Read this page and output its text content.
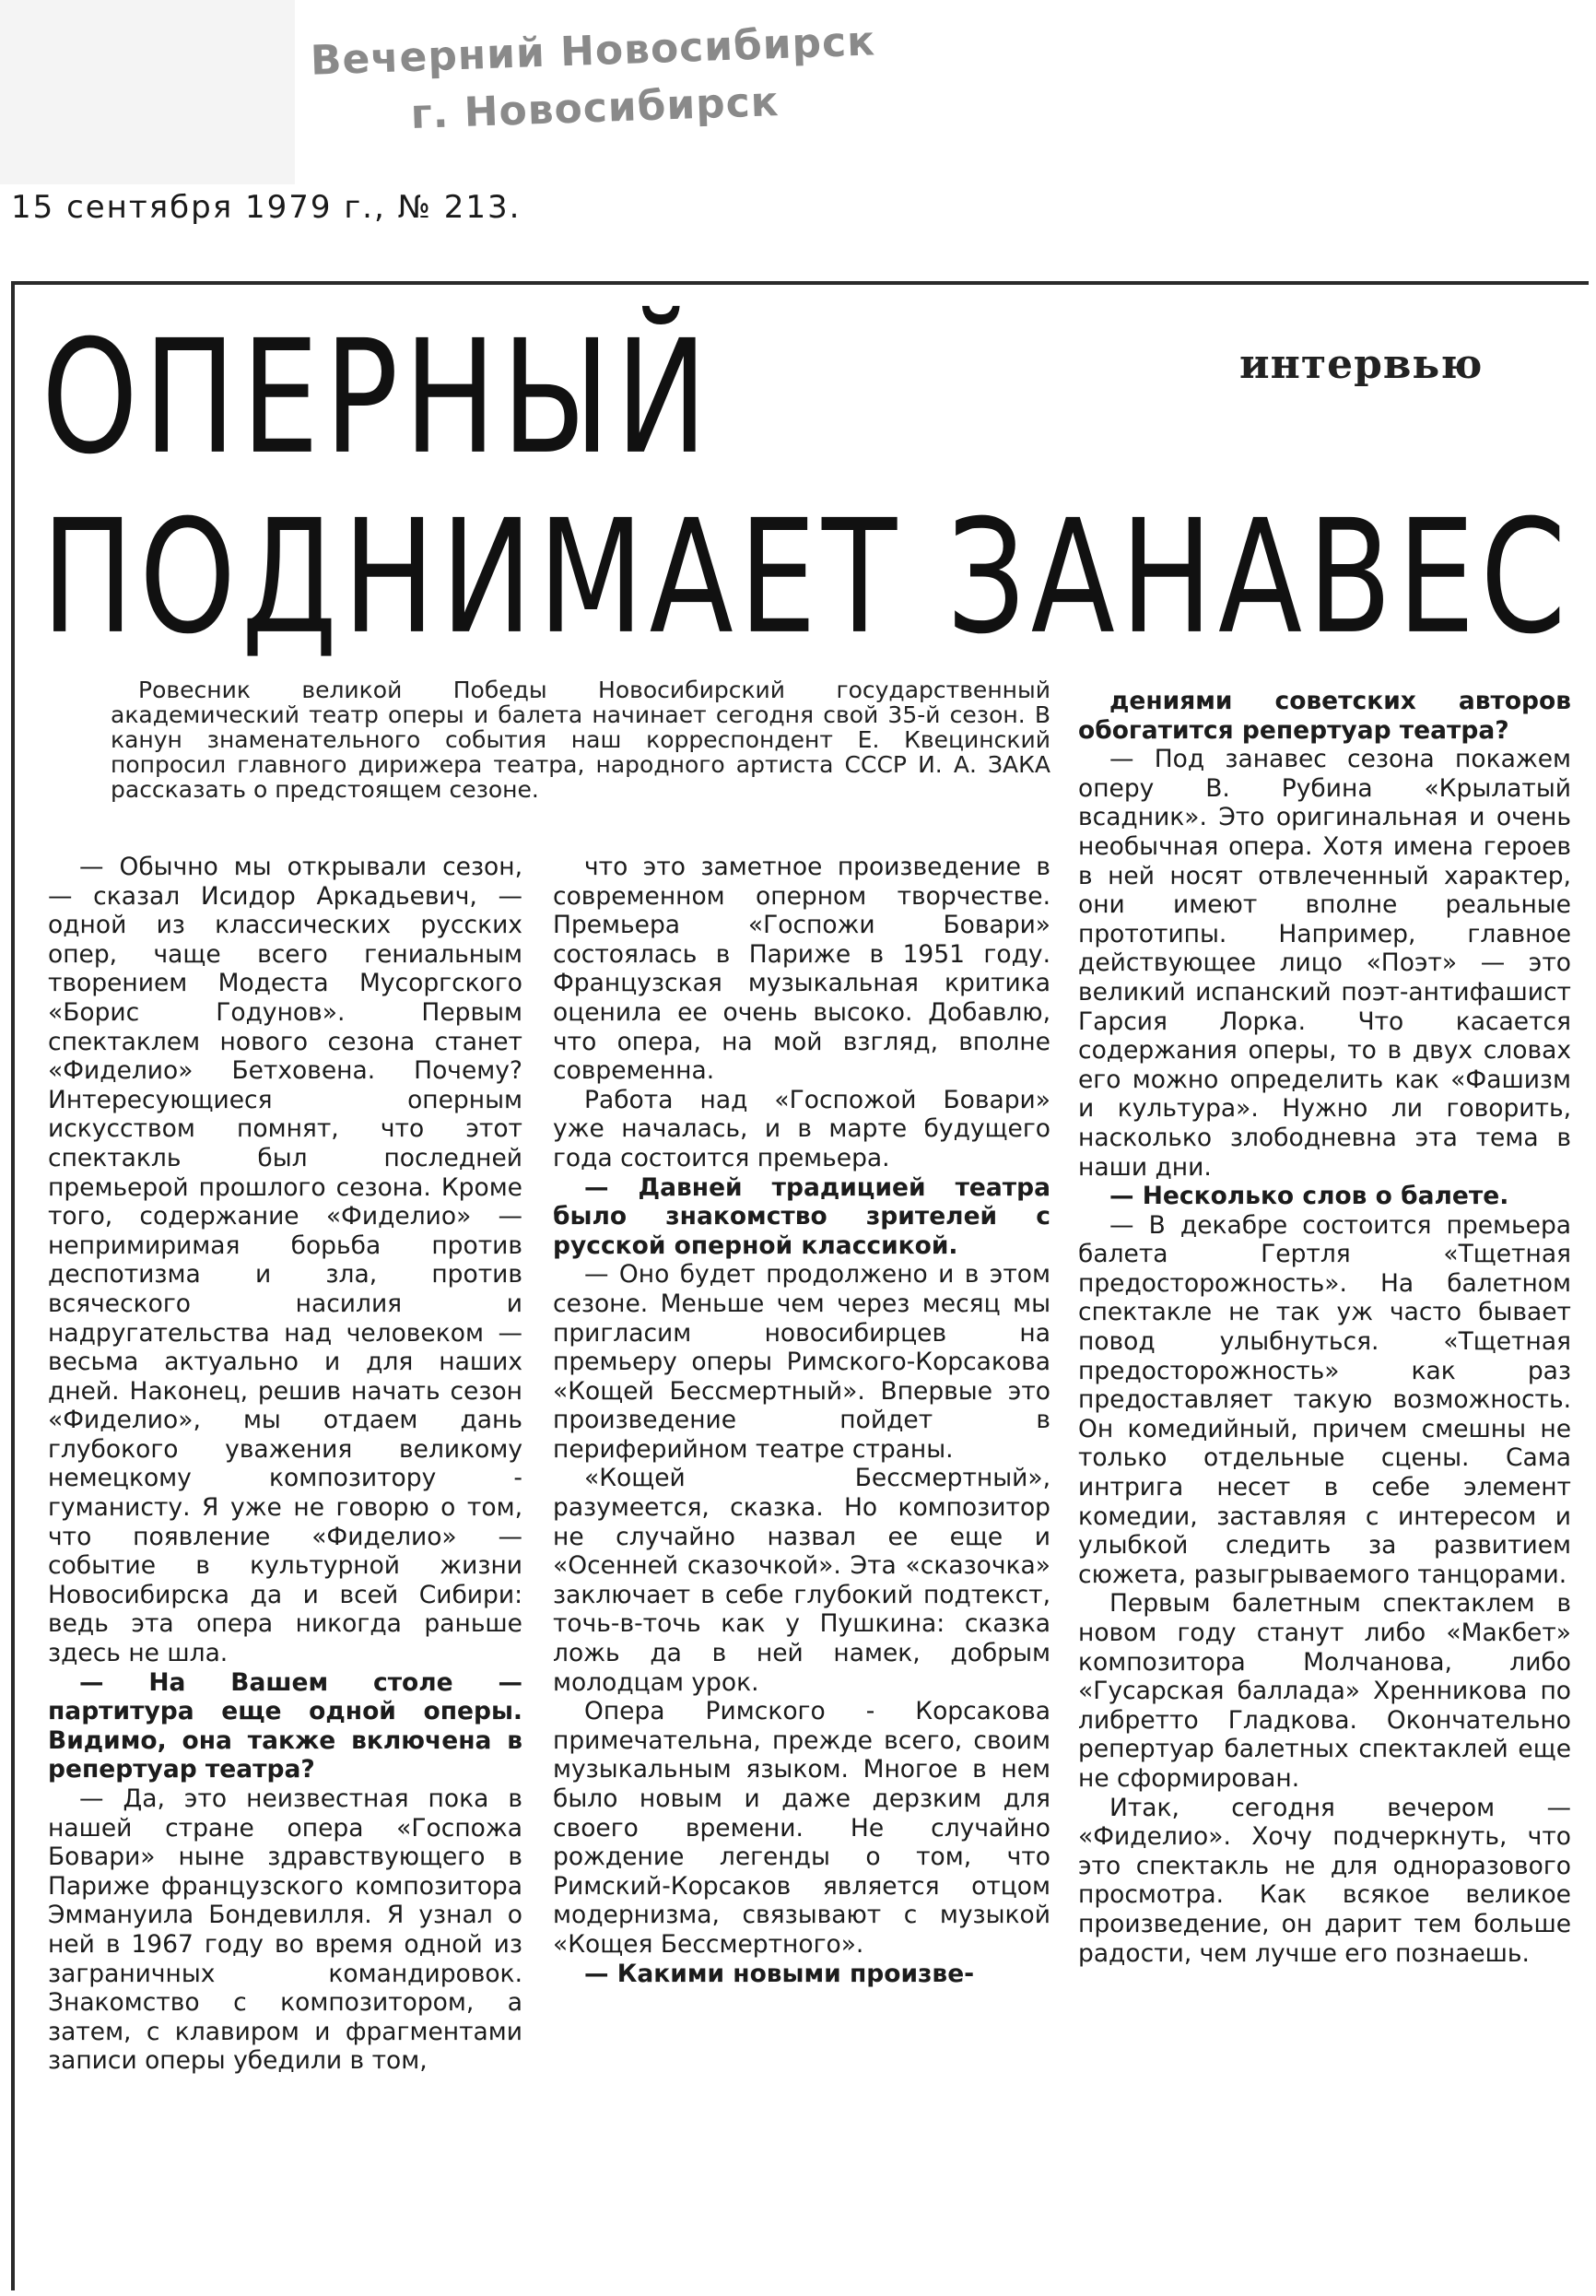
Вечерний Новосибирск
г. Новосибирск
15 сентября 1979 г., № 213.
ОПЕРНЫЙ
ПОДНИМАЕТ ЗАНАВЕС
интервью
Ровесник великой Победы Новосибирский государственный академический театр оперы и балета начинает сегодня свой 35-й сезон. В канун знаменательного события наш корреспондент Е. Квецинский попросил главного дирижера театра, народного артиста СССР И. А. ЗАКА рассказать о предстоящем сезоне.

— Обычно мы открывали сезон, — сказал Исидор Аркадьевич, — одной из классических русских опер, чаще всего гениальным творением Модеста Мусоргского «Борис Годунов». Первым спектаклем нового сезона станет «Фиделио» Бетховена. Почему? Интересующиеся оперным искусством помнят, что этот спектакль был последней премьерой прошлого сезона. Кроме того, содержание «Фиделио» — непримиримая борьба против деспотизма и зла, против всяческого насилия и надругательства над человеком — весьма актуально и для наших дней. Наконец, решив начать сезон «Фиделио», мы отдаем дань глубокого уважения великому немецкому композитору - гуманисту. Я уже не говорю о том, что появление «Фиделио» — событие в культурной жизни Новосибирска да и всей Сибири: ведь эта опера никогда раньше здесь не шла.

— На Вашем столе — партитура еще одной оперы. Видимо, она также включена в репертуар театра?

— Да, это неизвестная пока в нашей стране опера «Госпожа Бовари» ныне здравствующего в Париже французского композитора Эммануила Бондевилля. Я узнал о ней в 1967 году во время одной из заграничных командировок. Знакомство с композитором, а затем, с клавиром и фрагментами записи оперы убедили в том,

что это заметное произведение в современном оперном творчестве. Премьера «Госпожи Бовари» состоялась в Париже в 1951 году. Французская музыкальная критика оценила ее очень высоко. Добавлю, что опера, на мой взгляд, вполне современна.

Работа над «Госпожой Бовари» уже началась, и в марте будущего года состоится премьера.

— Давней традицией театра было знакомство зрителей с русской оперной классикой.

— Оно будет продолжено и в этом сезоне. Меньше чем через месяц мы пригласим новосибирцев на премьеру оперы Римского-Корсакова «Кощей Бессмертный». Впервые это произведение пойдет в периферийном театре страны.

«Кощей Бессмертный», разумеется, сказка. Но композитор не случайно назвал ее еще и «Осенней сказочкой». Эта «сказочка» заключает в себе глубокий подтекст, точь-в-точь как у Пушкина: сказка ложь да в ней намек, добрым молодцам урок.

Опера Римского - Корсакова примечательна, прежде всего, своим музыкальным языком. Многое в нем было новым и даже дерзким для своего времени. Не случайно рождение легенды о том, что Римский-Корсаков является отцом модернизма, связывают с музыкой «Кощея Бессмертного».

— Какими новыми произве-

дениями советских авторов обогатится репертуар театра?

— Под занавес сезона покажем оперу В. Рубина «Крылатый всадник». Это оригинальная и очень необычная опера. Хотя имена героев в ней носят отвлеченный характер, они имеют вполне реальные прототипы. Например, главное действующее лицо «Поэт» — это великий испанский поэт-антифашист Гарсия Лорка. Что касается содержания оперы, то в двух словах его можно определить как «Фашизм и культура». Нужно ли говорить, насколько злободневна эта тема в наши дни.

— Несколько слов о балете.

— В декабре состоится премьера балета Гертля «Тщетная предосторожность». На балетном спектакле не так уж часто бывает повод улыбнуться. «Тщетная предосторожность» как раз предоставляет такую возможность. Он комедийный, причем смешны не только отдельные сцены. Сама интрига несет в себе элемент комедии, заставляя с интересом и улыбкой следить за развитием сюжета, разыгрываемого танцорами.

Первым балетным спектаклем в новом году станут либо «Макбет» композитора Молчанова, либо «Гусарская баллада» Хренникова по либретто Гладкова. Окончательно репертуар балетных спектаклей еще не сформирован.

Итак, сегодня вечером — «Фиделио». Хочу подчеркнуть, что это спектакль не для одноразового просмотра. Как всякое великое произведение, он дарит тем больше радости, чем лучше его познаешь.
